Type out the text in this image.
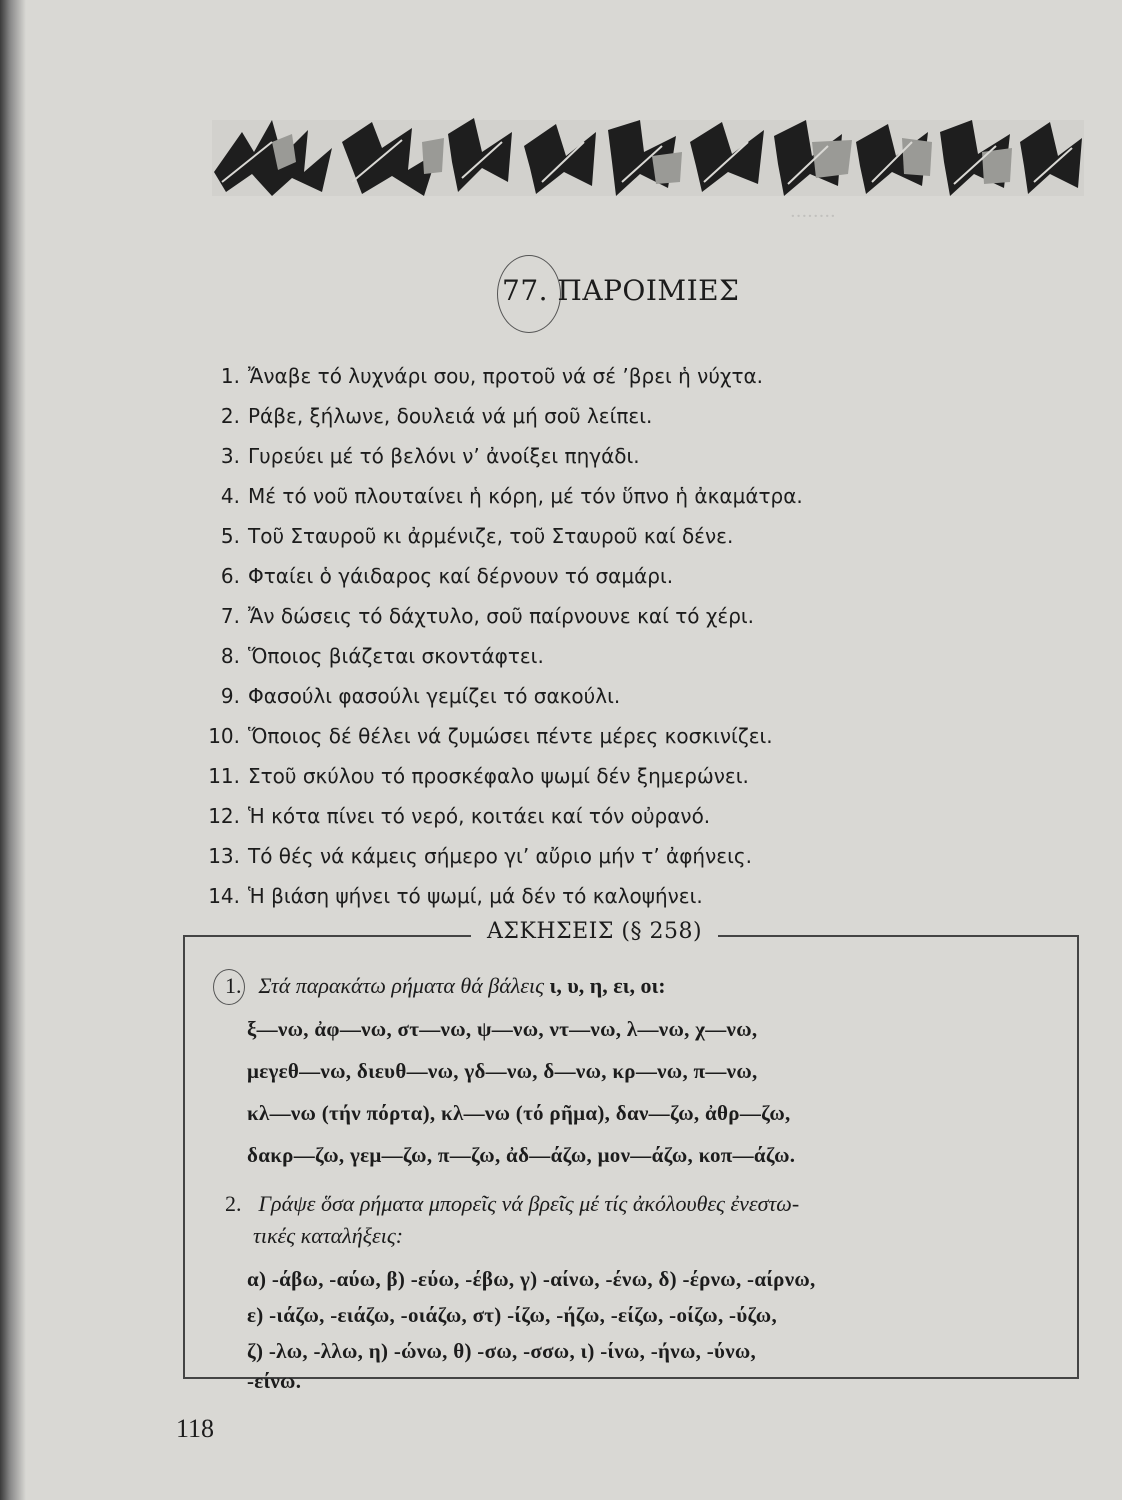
········
77. ΠΑΡΟΙΜΙΕΣ
1. Ἄναβε τό λυχνάρι σου, προτοῦ νά σέ ’βρει ἡ νύχτα.
2. Ράβε, ξήλωνε, δουλειά νά μή σοῦ λείπει.
3. Γυρεύει μέ τό βελόνι ν’ ἀνοίξει πηγάδι.
4. Μέ τό νοῦ πλουταίνει ἡ κόρη, μέ τόν ὕπνο ἡ ἀκαμάτρα.
5. Τοῦ Σταυροῦ κι ἀρμένιζε, τοῦ Σταυροῦ καί δένε.
6. Φταίει ὁ γάιδαρος καί δέρνουν τό σαμάρι.
7. Ἄν δώσεις τό δάχτυλο, σοῦ παίρνουνε καί τό χέρι.
8. Ὅποιος βιάζεται σκοντάφτει.
9. Φασούλι φασούλι γεμίζει τό σακούλι.
10. Ὅποιος δέ θέλει νά ζυμώσει πέντε μέρες κοσκινίζει.
11. Στοῦ σκύλου τό προσκέφαλο ψωμί δέν ξημερώνει.
12. Ἡ κότα πίνει τό νερό, κοιτάει καί τόν οὐρανό.
13. Τό θές νά κάμεις σήμερο γι’ αὔριο μήν τ’ ἀφήνεις.
14. Ἡ βιάση ψήνει τό ψωμί, μά δέν τό καλοψήνει.
ΑΣΚΗΣΕΙΣ (§ 258)
1. Στά παρακάτω ρήματα θά βάλεις ι, υ, η, ει, οι:
ξ—νω, ἀφ—νω, στ—νω, ψ—νω, ντ—νω, λ—νω, χ—νω,
μεγεθ—νω, διευθ—νω, γδ—νω, δ—νω, κρ—νω, π—νω,
κλ—νω (τήν πόρτα), κλ—νω (τό ρῆμα), δαν—ζω, ἀθρ—ζω,
δακρ—ζω, γεμ—ζω, π—ζω, ἀδ—άζω, μον—άζω, κοπ—άζω.
2. Γράψε ὅσα ρήματα μπορεῖς νά βρεῖς μέ τίς ἀκόλουθες ἐνεστω-
τικές καταλήξεις:
α) -άβω, -αύω, β) -εύω, -έβω, γ) -αίνω, -ένω, δ) -έρνω, -αίρνω,
ε) -ιάζω, -ειάζω, -οιάζω, στ) -ίζω, -ήζω, -είζω, -οίζω, -ύζω,
ζ) -λω, -λλω, η) -ώνω, θ) -σω, -σσω, ι) -ίνω, -ήνω, -ύνω,
-είνω.
118
